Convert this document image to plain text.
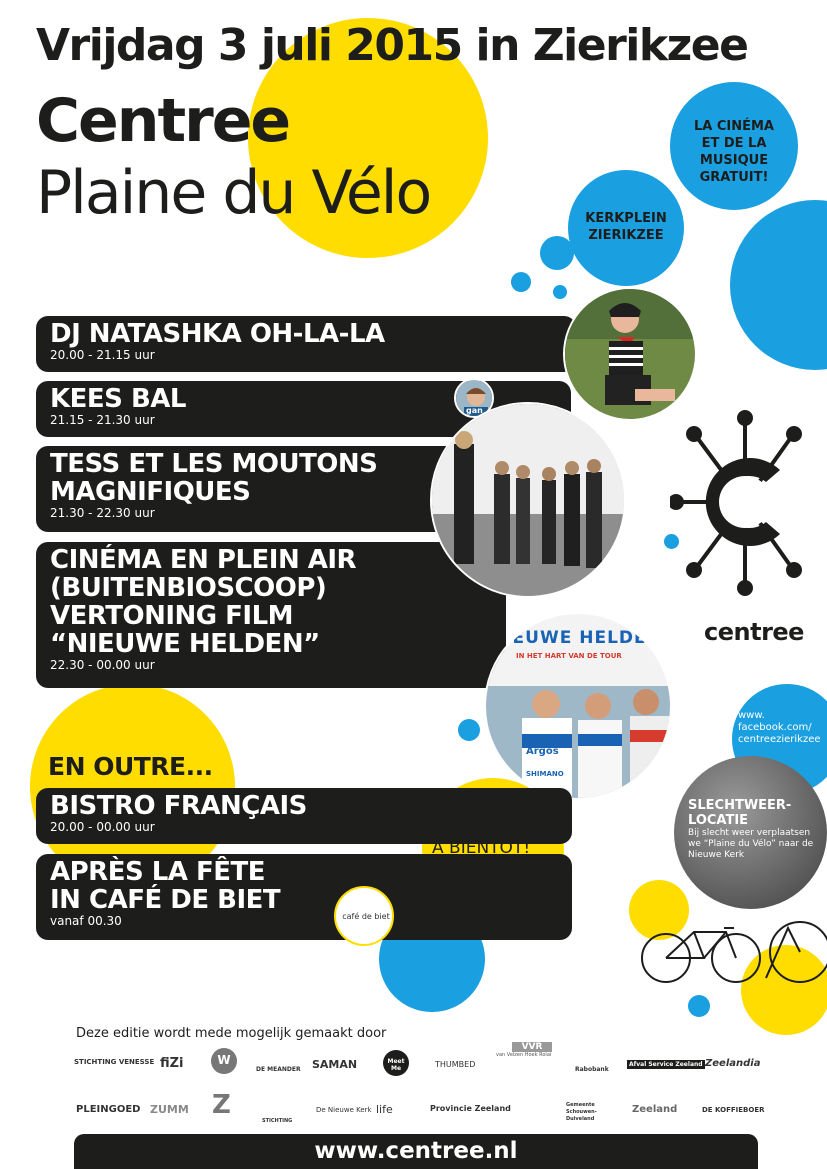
Vrijdag 3 juli 2015 in Zierikzee
Centree
Plaine du Vélo
LA CINÉMA
ET DE LA
MUSIQUE
GRATUIT!
KERKPLEIN
ZIERIKZEE
DJ NATASHKA OH-LA-LA
20.00 - 21.15 uur
KEES BAL
21.15 - 21.30 uur
TESS ET LES MOUTONS
MAGNIFIQUES
21.30 - 22.30 uur
CINÉMA EN PLEIN AIR
(BUITENBIOSCOOP)
VERTONING FILM
“NIEUWE HELDEN”
22.30 - 00.00 uur
gan
NIEUWE HELDEN
IN HET HART VAN DE TOUR
Argos
SHIMANO
centree
www.
facebook.com/
centreezierikzee
SLECHTWEER-
LOCATIE
Bij slecht weer verplaatsen
we “Plaine du Vélo” naar de
Nieuwe Kerk
EN OUTRE...
BISTRO FRANÇAIS
20.00 - 00.00 uur
APRÈS LA FÊTE
IN CAFÉ DE BIET
vanaf 00.30	café de biet
À BIENTÔT!
Deze editie wordt mede mogelijk gemaakt door
STICHTING VENESSE fiZi	W
DE MEANDER SAMAN	Meet Me	THUMBED
VVR
van Velzen Hoek Rolai
Rabobank
Afval Service Zeeland Zeelandia
PLEINGOED ZUMM Z
STICHTING
De Nieuwe Kerk life	Provincie Zeeland	Gemeente Schouwen-Duiveland
Zeeland	DE KOFFIEBOER
www.centree.nl
